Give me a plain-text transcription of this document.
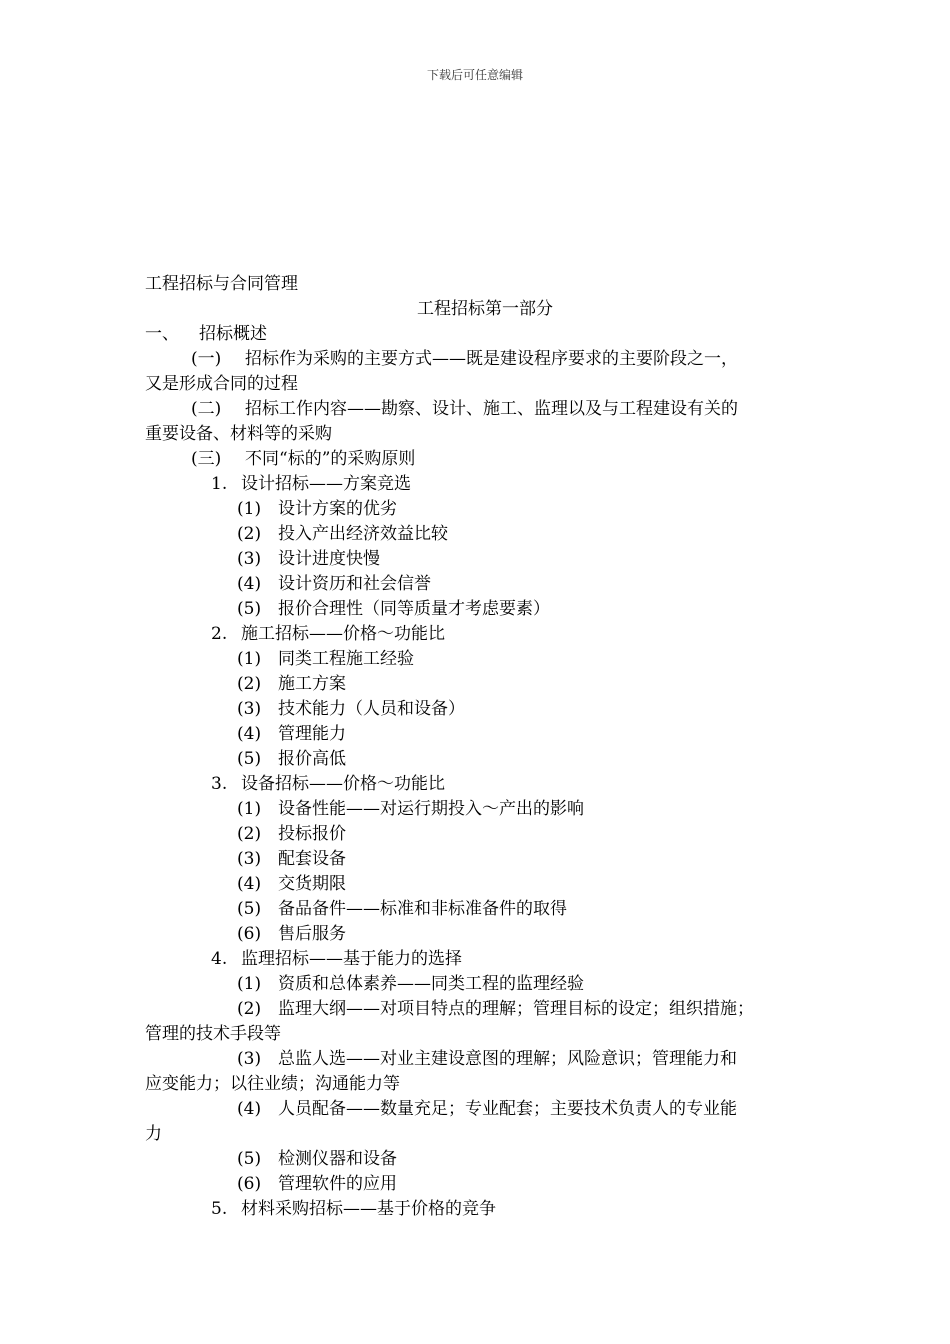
下载后可任意编辑
工程招标与合同管理
工程招标第一部分
一、 招标概述
(一) 招标作为采购的主要方式——既是建设程序要求的主要阶段之一，
又是形成合同的过程
(二) 招标工作内容——勘察、设计、施工、监理以及与工程建设有关的
重要设备、材料等的采购
(三) 不同“标的”的采购原则
1. 设计招标——方案竞选
(1) 设计方案的优劣
(2) 投入产出经济效益比较
(3) 设计进度快慢
(4) 设计资历和社会信誉
(5) 报价合理性（同等质量才考虑要素）
2. 施工招标——价格～功能比
(1) 同类工程施工经验
(2) 施工方案
(3) 技术能力（人员和设备）
(4) 管理能力
(5) 报价高低
3. 设备招标——价格～功能比
(1) 设备性能——对运行期投入～产出的影响
(2) 投标报价
(3) 配套设备
(4) 交货期限
(5) 备品备件——标准和非标准备件的取得
(6) 售后服务
4. 监理招标——基于能力的选择
(1) 资质和总体素养——同类工程的监理经验
(2) 监理大纲——对项目特点的理解；管理目标的设定；组织措施；
管理的技术手段等
(3) 总监人选——对业主建设意图的理解；风险意识；管理能力和
应变能力；以往业绩；沟通能力等
(4) 人员配备——数量充足；专业配套；主要技术负责人的专业能
力
(5) 检测仪器和设备
(6) 管理软件的应用
5. 材料采购招标——基于价格的竞争
